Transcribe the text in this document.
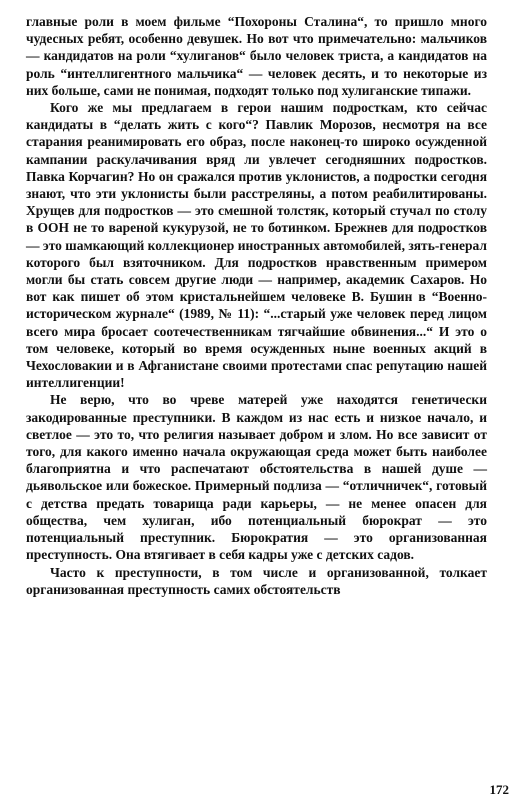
главные роли в моем фильме “Похороны Сталина“, то пришло много чудесных ребят, особенно девушек. Но вот что примечательно: мальчиков — кандидатов на роли “хулиганов“ было человек триста, а кандидатов на роль “интеллигентного мальчика“ — человек десять, и то некоторые из них больше, сами не понимая, подходят только под хулиганские типажи.

Кого же мы предлагаем в герои нашим подросткам, кто сейчас кандидаты в “делать жить с кого“? Павлик Морозов, несмотря на все старания реанимировать его образ, после наконец-то широко осужденной кампании раскулачивания вряд ли увлечет сегодняшних подростков. Павка Корчагин? Но он сражался против уклонистов, а подростки сегодня знают, что эти уклонисты были расстреляны, а потом реабилитированы. Хрущев для подростков — это смешной толстяк, который стучал по столу в ООН не то вареной кукурузой, не то ботинком. Брежнев для подростков — это шамкающий коллекционер иностранных автомобилей, зять-генерал которого был взяточником. Для подростков нравственным примером могли бы стать совсем другие люди — например, академик Сахаров. Но вот как пишет об этом кристальнейшем человеке В. Бушин в “Военно-историческом журнале“ (1989, № 11): “...старый уже человек перед лицом всего мира бросает соотечественникам тягчайшие обвинения...“ И это о том человеке, который во время осужденных ныне военных акций в Чехословакии и в Афганистане своими протестами спас репутацию нашей интеллигенции!

Не верю, что во чреве матерей уже находятся генетически закодированные преступники. В каждом из нас есть и низкое начало, и светлое — это то, что религия называет добром и злом. Но все зависит от того, для какого именно начала окружающая среда может быть наиболее благоприятна и что распечатают обстоятельства в нашей душе — дьявольское или божеское. Примерный подлиза — “отличничек“, готовый с детства предать товарища ради карьеры, — не менее опасен для общества, чем хулиган, ибо потенциальный бюрократ — это потенциальный преступник. Бюрократия — это организованная преступность. Она втягивает в себя кадры уже с детских садов.

Часто к преступности, в том числе и организованной, толкает организованная преступность самих обстоятельств

172
